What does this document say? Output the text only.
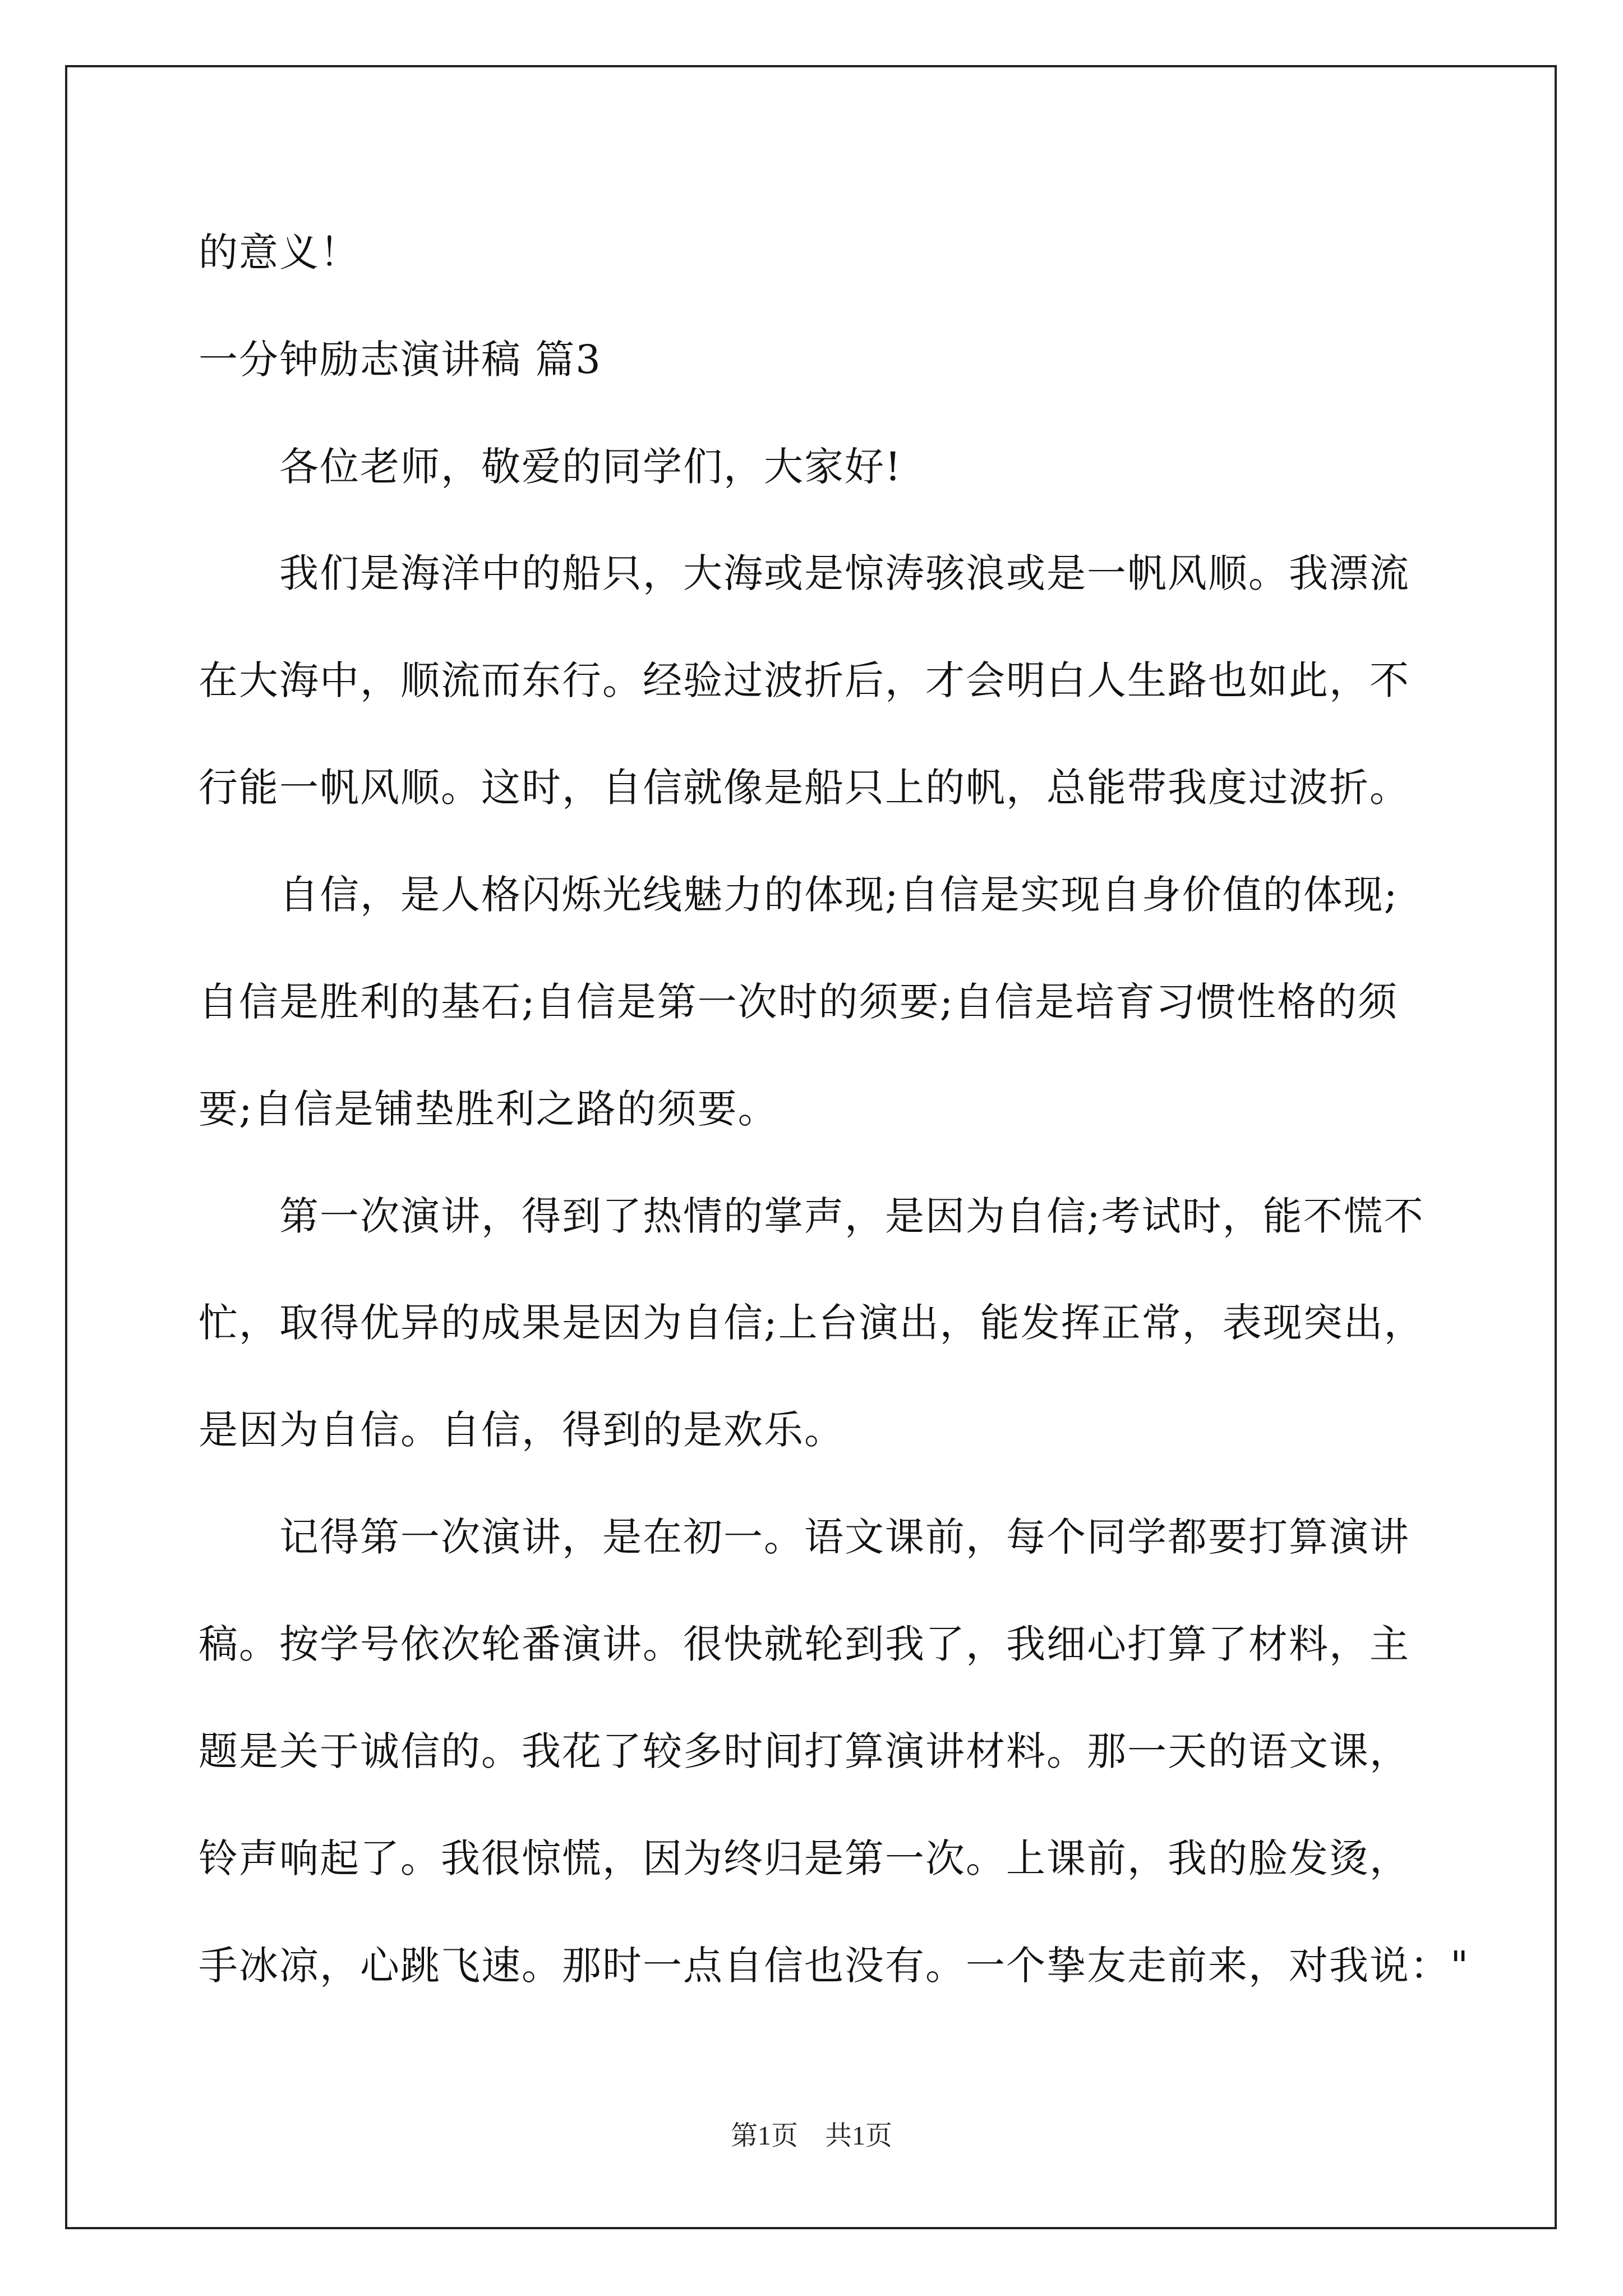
的意义！
一分钟励志演讲稿 篇3
　　各位老师，敬爱的同学们，大家好!
　　我们是海洋中的船只，大海或是惊涛骇浪或是一帆风顺。我漂流
在大海中，顺流而东行。经验过波折后，才会明白人生路也如此，不
行能一帆风顺。这时，自信就像是船只上的帆，总能带我度过波折。
　　自信，是人格闪烁光线魅力的体现;自信是实现自身价值的体现;
自信是胜利的基石;自信是第一次时的须要;自信是培育习惯性格的须
要;自信是铺垫胜利之路的须要。
　　第一次演讲，得到了热情的掌声，是因为自信;考试时，能不慌不
忙，取得优异的成果是因为自信;上台演出，能发挥正常，表现突出，
是因为自信。自信，得到的是欢乐。
　　记得第一次演讲，是在初一。语文课前，每个同学都要打算演讲
稿。按学号依次轮番演讲。很快就轮到我了，我细心打算了材料，主
题是关于诚信的。我花了较多时间打算演讲材料。那一天的语文课，
铃声响起了。我很惊慌，因为终归是第一次。上课前，我的脸发烫，
手冰凉，心跳飞速。那时一点自信也没有。一个挚友走前来，对我说："
第1页　共1页
